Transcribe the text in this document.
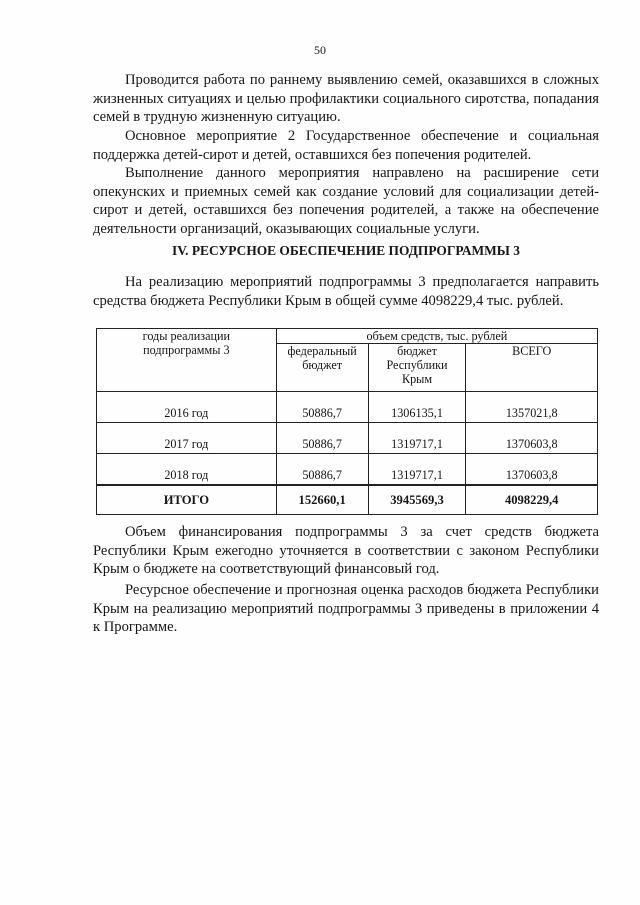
50

Проводится работа по раннему выявлению семей, оказавшихся в сложных жизненных ситуациях и целью профилактики социального сиротства, попадания семей в трудную жизненную ситуацию.

Основное мероприятие 2 Государственное обеспечение и социальная поддержка детей-сирот и детей, оставшихся без попечения родителей.

Выполнение данного мероприятия направлено на расширение сети опекунских и приемных семей как создание условий для социализации детей-сирот и детей, оставшихся без попечения родителей, а также на обеспечение деятельности организаций, оказывающих социальные услуги.

IV. РЕСУРСНОЕ ОБЕСПЕЧЕНИЕ ПОДПРОГРАММЫ 3

На реализацию мероприятий подпрограммы 3 предполагается направить средства бюджета Республики Крым в общей сумме 4098229,4 тыс. рублей.

годы реализации подпрограммы 3	объем средств, тыс. рублей		
	федеральный бюджет	бюджет Республики Крым	ВСЕГО
2016 год	50886,7	1306135,1	1357021,8
2017 год	50886,7	1319717,1	1370603,8
2018 год	50886,7	1319717,1	1370603,8
ИТОГО	152660,1	3945569,3	4098229,4

Объем финансирования подпрограммы 3 за счет средств бюджета Республики Крым ежегодно уточняется в соответствии с законом Республики Крым о бюджете на соответствующий финансовый год.

Ресурсное обеспечение и прогнозная оценка расходов бюджета Республики Крым на реализацию мероприятий подпрограммы 3 приведены в приложении 4 к Программе.
